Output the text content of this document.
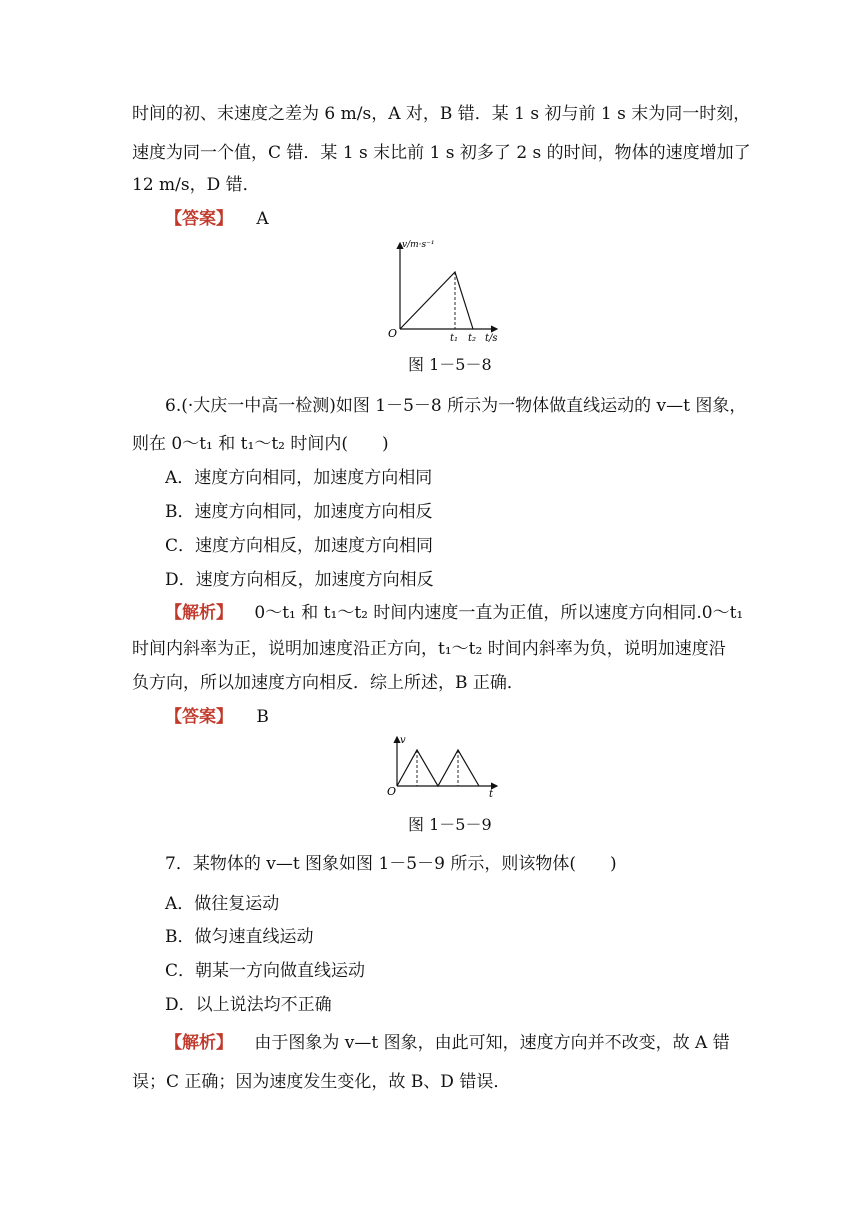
时间的初、末速度之差为 6 m/s，A 对，B 错．某 1 s 初与前 1 s 末为同一时刻，
速度为同一个值，C 错．某 1 s 末比前 1 s 初多了 2 s 的时间，物体的速度增加了
12 m/s，D 错．
【答案】 A
v/m·s⁻¹
O	t₁ t₂ t/s
图 1－5－8
6.(·大庆一中高一检测)如图 1－5－8 所示为一物体做直线运动的 v—t 图象，
则在 0～t₁ 和 t₁～t₂ 时间内(　　)
A．速度方向相同，加速度方向相同
B．速度方向相同，加速度方向相反
C．速度方向相反，加速度方向相同
D．速度方向相反，加速度方向相反
【解析】 0～t₁ 和 t₁～t₂ 时间内速度一直为正值，所以速度方向相同.0～t₁
时间内斜率为正，说明加速度沿正方向，t₁～t₂ 时间内斜率为负，说明加速度沿
负方向，所以加速度方向相反．综上所述，B 正确．
【答案】 B
v
O	t
图 1－5－9
7．某物体的 v—t 图象如图 1－5－9 所示，则该物体(　　)
A．做往复运动
B．做匀速直线运动
C．朝某一方向做直线运动
D．以上说法均不正确
【解析】 由于图象为 v—t 图象，由此可知，速度方向并不改变，故 A 错
误；C 正确；因为速度发生变化，故 B、D 错误．
